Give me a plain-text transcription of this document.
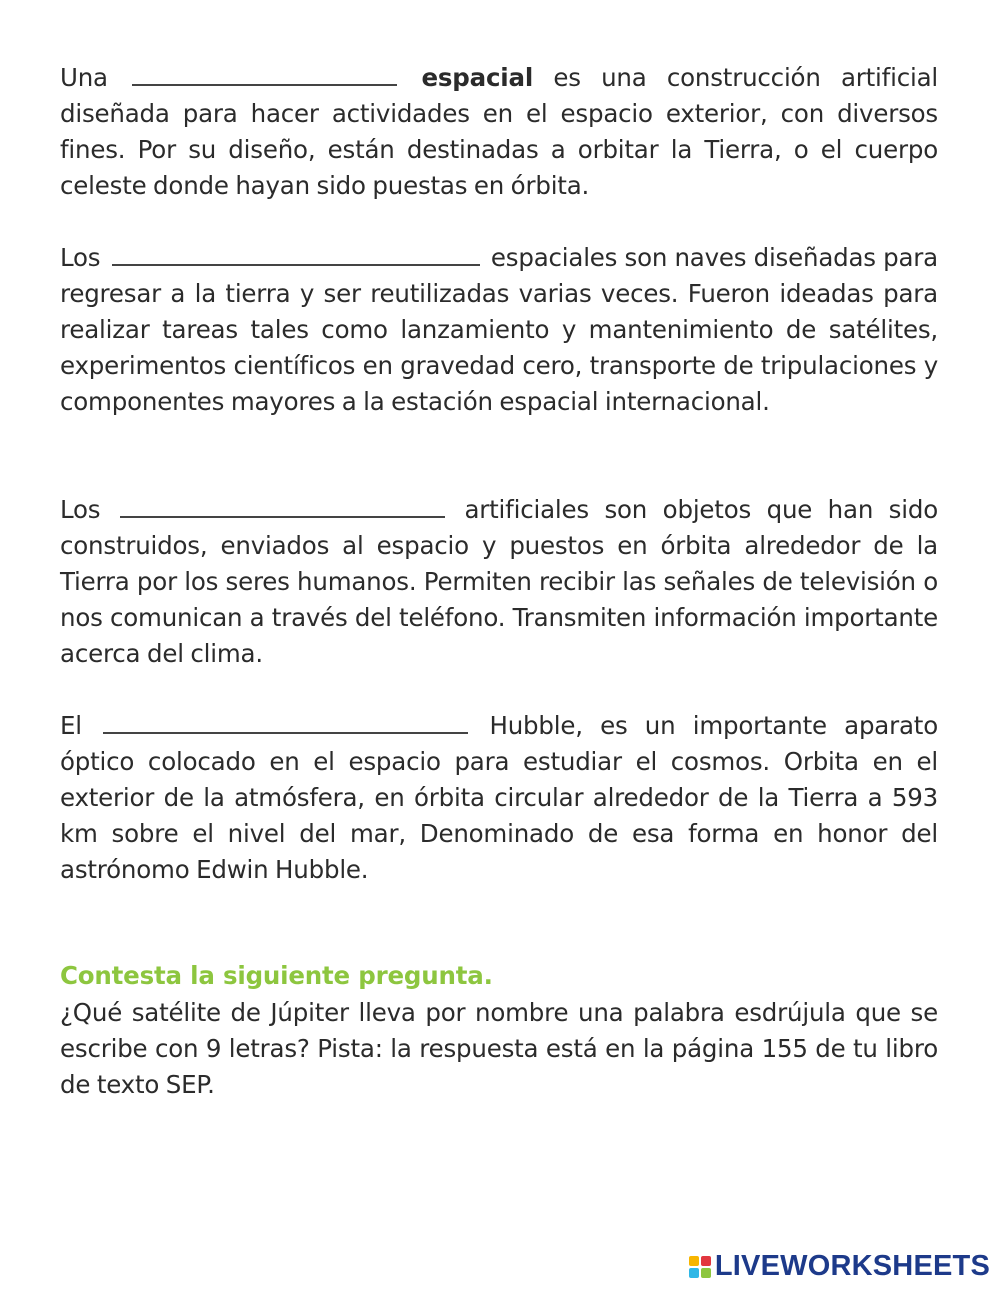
Una	espacial es una construcción artificial diseñada para hacer actividades en el espacio exterior, con diversos fines. Por su diseño, están destinadas a orbitar la Tierra, o el cuerpo celeste donde hayan sido puestas en órbita.
Los	espaciales son naves diseñadas para regresar a la tierra y ser reutilizadas varias veces. Fueron ideadas para realizar tareas tales como lanzamiento y mantenimiento de satélites, experimentos científicos en gravedad cero, transporte de tripulaciones y componentes mayores a la estación espacial internacional.
Los	artificiales son objetos que han sido construidos, enviados al espacio y puestos en órbita alrededor de la Tierra por los seres humanos. Permiten recibir las señales de televisión o nos comunican a través del teléfono. Transmiten información importante acerca del clima.
El	Hubble, es un importante aparato óptico colocado en el espacio para estudiar el cosmos. Orbita en el exterior de la atmósfera, en órbita circular alrededor de la Tierra a 593 km sobre el nivel del mar, Denominado de esa forma en honor del astrónomo Edwin Hubble.
Contesta la siguiente pregunta.
¿Qué satélite de Júpiter lleva por nombre una palabra esdrújula que se escribe con 9 letras? Pista: la respuesta está en la página 155 de tu libro de texto SEP.
LIVEWORKSHEETS
